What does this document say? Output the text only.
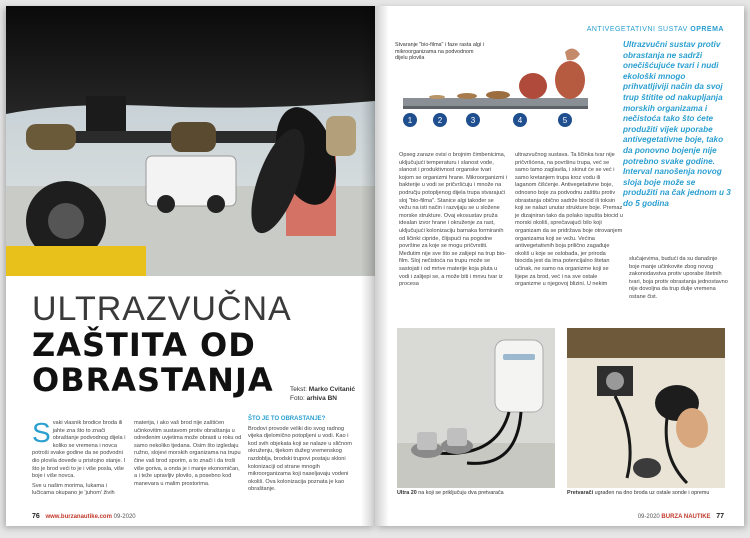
ULTRAZVUČNA
ZAŠTITA OD
OBRASTANJA	Tekst: Marko Cvitanić
Foto: arhiva BN
S vaki vlasnik brodice broda ili jahte zna što to znači obraštanje podvodnog dijela i koliko se vremena i novca potroši svake godine da se podvodni dio plovila doveđe u pristojno stanje. I što je brod veći to je i više posla, više boje i više novca.

Sve u našim morima, lukama i lučicama okupano je 'juhom' živih

materija, i ako vaš brod nije zaštićen učinkovitim sustavom protiv obraštanja u određenim uvjetima može obrasti u roku od samo nekoliko tjedana. Osim što izgledaju ružno, slojevi morskih organizama na trupu čine vaš brod sporim, a to znači i da troši više goriva, a onda je i manje ekonomičan, a i teže upravljiv plovilo, a posebno kod manevara u malim prostorima.
ŠTO JE TO OBRASTANJE?
Brodovi provode veliki dio svog radnog vijeka djelomično potopljeni u vodi. Kao i kod svih objekata koji se nalaze u sličnom okruženju, tijekom dužeg vremenskog razdoblja, brodski trupovi postaju skloni kolonizaciji od strane mnogih mikroorganizama koji naseljavaju vodeni okoliš. Ova kolonizacija poznata je kao obraštanje.
76 www.burzanautike.com 09-2020
ANTIVEGETATIVNI SUSTAV OPREMA
1	2	3	4	5
Stvaranje "bio-filma" i faze rasta algi i mikroorganizama na podvodnom dijelu plovila
Ultrazvučni sustav protiv obrastanja ne sadrži onečišćujuće tvari i nudi ekološki mnogo prihvatljiviji način da svoj trup štitite od nakupljanja morskih organizama i nečistoća tako što ćete produžiti vijek uporabe antivegetativne boje, tako da ponovno bojenje nije potrebno svake godine. Interval nanošenja novog sloja boje može se produžiti na čak jednom u 3 do 5 godina
Opseg zaraze ovisi o brojnim čimbenicima, uključujući temperaturu i slanost vode, slanost i produktivnost organske tvari kojom se organizmi hrane. Mikroorganizmi i bakterije u vodi se pričvršćuju i množe na području potopljenog dijela trupa stvarajući sloj "bio-filma". Stanice algi također se vežu na isti način i razvijaju se u složene morske strukture. Ovaj ekosustav pruža idealan izvor hrane i okruženje za rast, uključujući kolonizaciju barnaka formiranih od ličinki cipride, člijspući na pogodne površine za koje se mogu pričvrstiti. Međutim nije sve što se zalijepi na trup bio-film. Sloj nečistoća na trupu može se sastojati i od mrtve materije koja pluta u vodi i zalijepi se, a može biti i mnvu tvar iz procesa
ultrazvučnog sustava. Ta ličinka tvar nije pričvršćena, na površinu trupa, već se samo tamo zaglavila, i skinut će se već i samo kretanjem trupa kroz vodu ili laganom čišćenje. Antivegetativne boje, odnosno boje za podvodnu zaštitu protiv obrastanja obično sadrže biocid ili toksin koji se nalazi unutar strukture boje. Premaz je dizajniran tako da polako ispušta biocid u morski okoliš, sprečavajući bilo koji organizam da se pridržava boje otrovanjem organizama koji se vežu. Većina antivegetativnih boja prilično zagađuje okoliš u koje se oslobađa, jer priroda biocida jest da ima potencijalno štetan učinak, ne samo na organizme koji se lijepe za brod, već i na sve ostale organizme u njegovoj blizini. U nekim
slučajevima, budući da su današnje boje manje učinkovite zbog novog zakonodavstva protiv uporabe štetnih tvari, boja protiv obrastanja jednostavno nije dovoljna da trup dulje vremena ostane čist.
Ultra 20 na koji se priključuju dva pretvarača	Pretvarači ugrađen na dno broda uz ostale sonde i opremu
09-2020 BURZA NAUTIKE 77
